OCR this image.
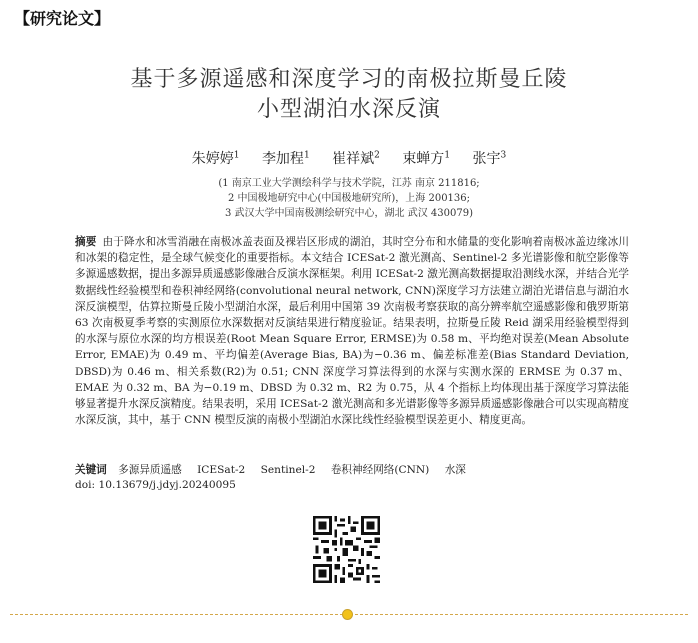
【研究论文】
基于多源遥感和深度学习的南极拉斯曼丘陵
小型湖泊水深反演
朱婷婷$^1$ 李加程$^1$ 崔祥斌$^2$ 束蝉方$^1$ 张宇$^3$
(1 南京工业大学测绘科学与技术学院，江苏 南京 211816;
2 中国极地研究中心(中国极地研究所)，上海 200136;
3 武汉大学中国南极测绘研究中心，湖北 武汉 430079)
摘要 由于降水和冰雪消融在南极冰盖表面及裸岩区形成的湖泊，其时空分布和水储量的变化影响着南极冰盖边缘冰川和冰架的稳定性，是全球气候变化的重要指标。本文结合 ICESat-2 激光测高、Sentinel-2 多光谱影像和航空影像等多源遥感数据，提出多源异质遥感影像融合反演水深框架。利用 ICESat-2 激光测高数据提取沿测线水深，并结合光学数据线性经验模型和卷积神经网络(convolutional neural network, CNN)深度学习方法建立湖泊光谱信息与湖泊水深反演模型，估算拉斯曼丘陵小型湖泊水深，最后利用中国第 39 次南极考察获取的高分辨率航空遥感影像和俄罗斯第 63 次南极夏季考察的实测原位水深数据对反演结果进行精度验证。结果表明，拉斯曼丘陵 Reid 湖采用经验模型得到的水深与原位水深的均方根误差(Root Mean Square Error, ERMSE)为 0.58 m、平均绝对误差(Mean Absolute Error, EMAE)为 0.49 m、平均偏差(Average Bias, BA)为−0.36 m、偏差标准差(Bias Standard Deviation, DBSD)为 0.46 m、相关系数(R2)为 0.51; CNN 深度学习算法得到的水深与实测水深的 ERMSE 为 0.37 m、EMAE 为 0.32 m、BA 为−0.19 m、DBSD 为 0.32 m、R2 为 0.75，从 4 个指标上均体现出基于深度学习算法能够显著提升水深反演精度。结果表明，采用 ICESat-2 激光测高和多光谱影像等多源异质遥感影像融合可以实现高精度水深反演，其中，基于 CNN 模型反演的南极小型湖泊水深比线性经验模型误差更小、精度更高。
关键词 多源异质遥感 ICESat-2 Sentinel-2 卷积神经网络(CNN) 水深
doi: 10.13679/j.jdyj.20240095
